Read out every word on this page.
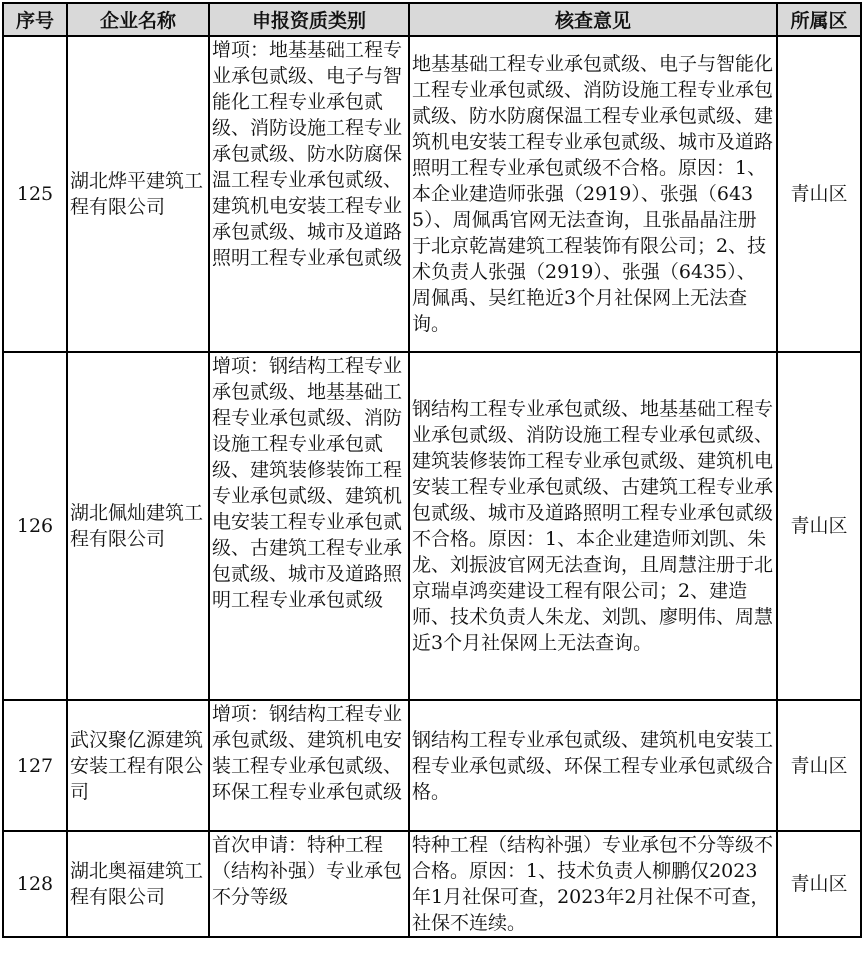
序号	企业名称	申报资质类别	核查意见	所属区
125	湖北烨平建筑工程有限公司	增项：地基基础工程专业承包贰级、电子与智能化工程专业承包贰级、消防设施工程专业承包贰级、防水防腐保温工程专业承包贰级、建筑机电安装工程专业承包贰级、城市及道路照明工程专业承包贰级	地基基础工程专业承包贰级、电子与智能化工程专业承包贰级、消防设施工程专业承包贰级、防水防腐保温工程专业承包贰级、建筑机电安装工程专业承包贰级、城市及道路照明工程专业承包贰级不合格。原因：1、本企业建造师张强（2919）、张强（6435）、周佩禹官网无法查询，且张晶晶注册于北京乾嵩建筑工程装饰有限公司；2、技术负责人张强（2919）、张强（6435）、周佩禹、吴红艳近3个月社保网上无法查询。	青山区
126	湖北佩灿建筑工程有限公司	增项：钢结构工程专业承包贰级、地基基础工程专业承包贰级、消防设施工程专业承包贰级、建筑装修装饰工程专业承包贰级、建筑机电安装工程专业承包贰级、古建筑工程专业承包贰级、城市及道路照明工程专业承包贰级	钢结构工程专业承包贰级、地基基础工程专业承包贰级、消防设施工程专业承包贰级、建筑装修装饰工程专业承包贰级、建筑机电安装工程专业承包贰级、古建筑工程专业承包贰级、城市及道路照明工程专业承包贰级不合格。原因：1、本企业建造师刘凯、朱龙、刘振波官网无法查询，且周慧注册于北京瑞卓鸿奕建设工程有限公司；2、建造师、技术负责人朱龙、刘凯、廖明伟、周慧近3个月社保网上无法查询。	青山区
127	武汉聚亿源建筑安装工程有限公司	增项：钢结构工程专业承包贰级、建筑机电安装工程专业承包贰级、环保工程专业承包贰级	钢结构工程专业承包贰级、建筑机电安装工程专业承包贰级、环保工程专业承包贰级合格。	青山区
128	湖北奥福建筑工程有限公司	首次申请：特种工程（结构补强）专业承包不分等级	特种工程（结构补强）专业承包不分等级不合格。原因：1、技术负责人柳鹏仅2023年1月社保可查，2023年2月社保不可查，社保不连续。	青山区
